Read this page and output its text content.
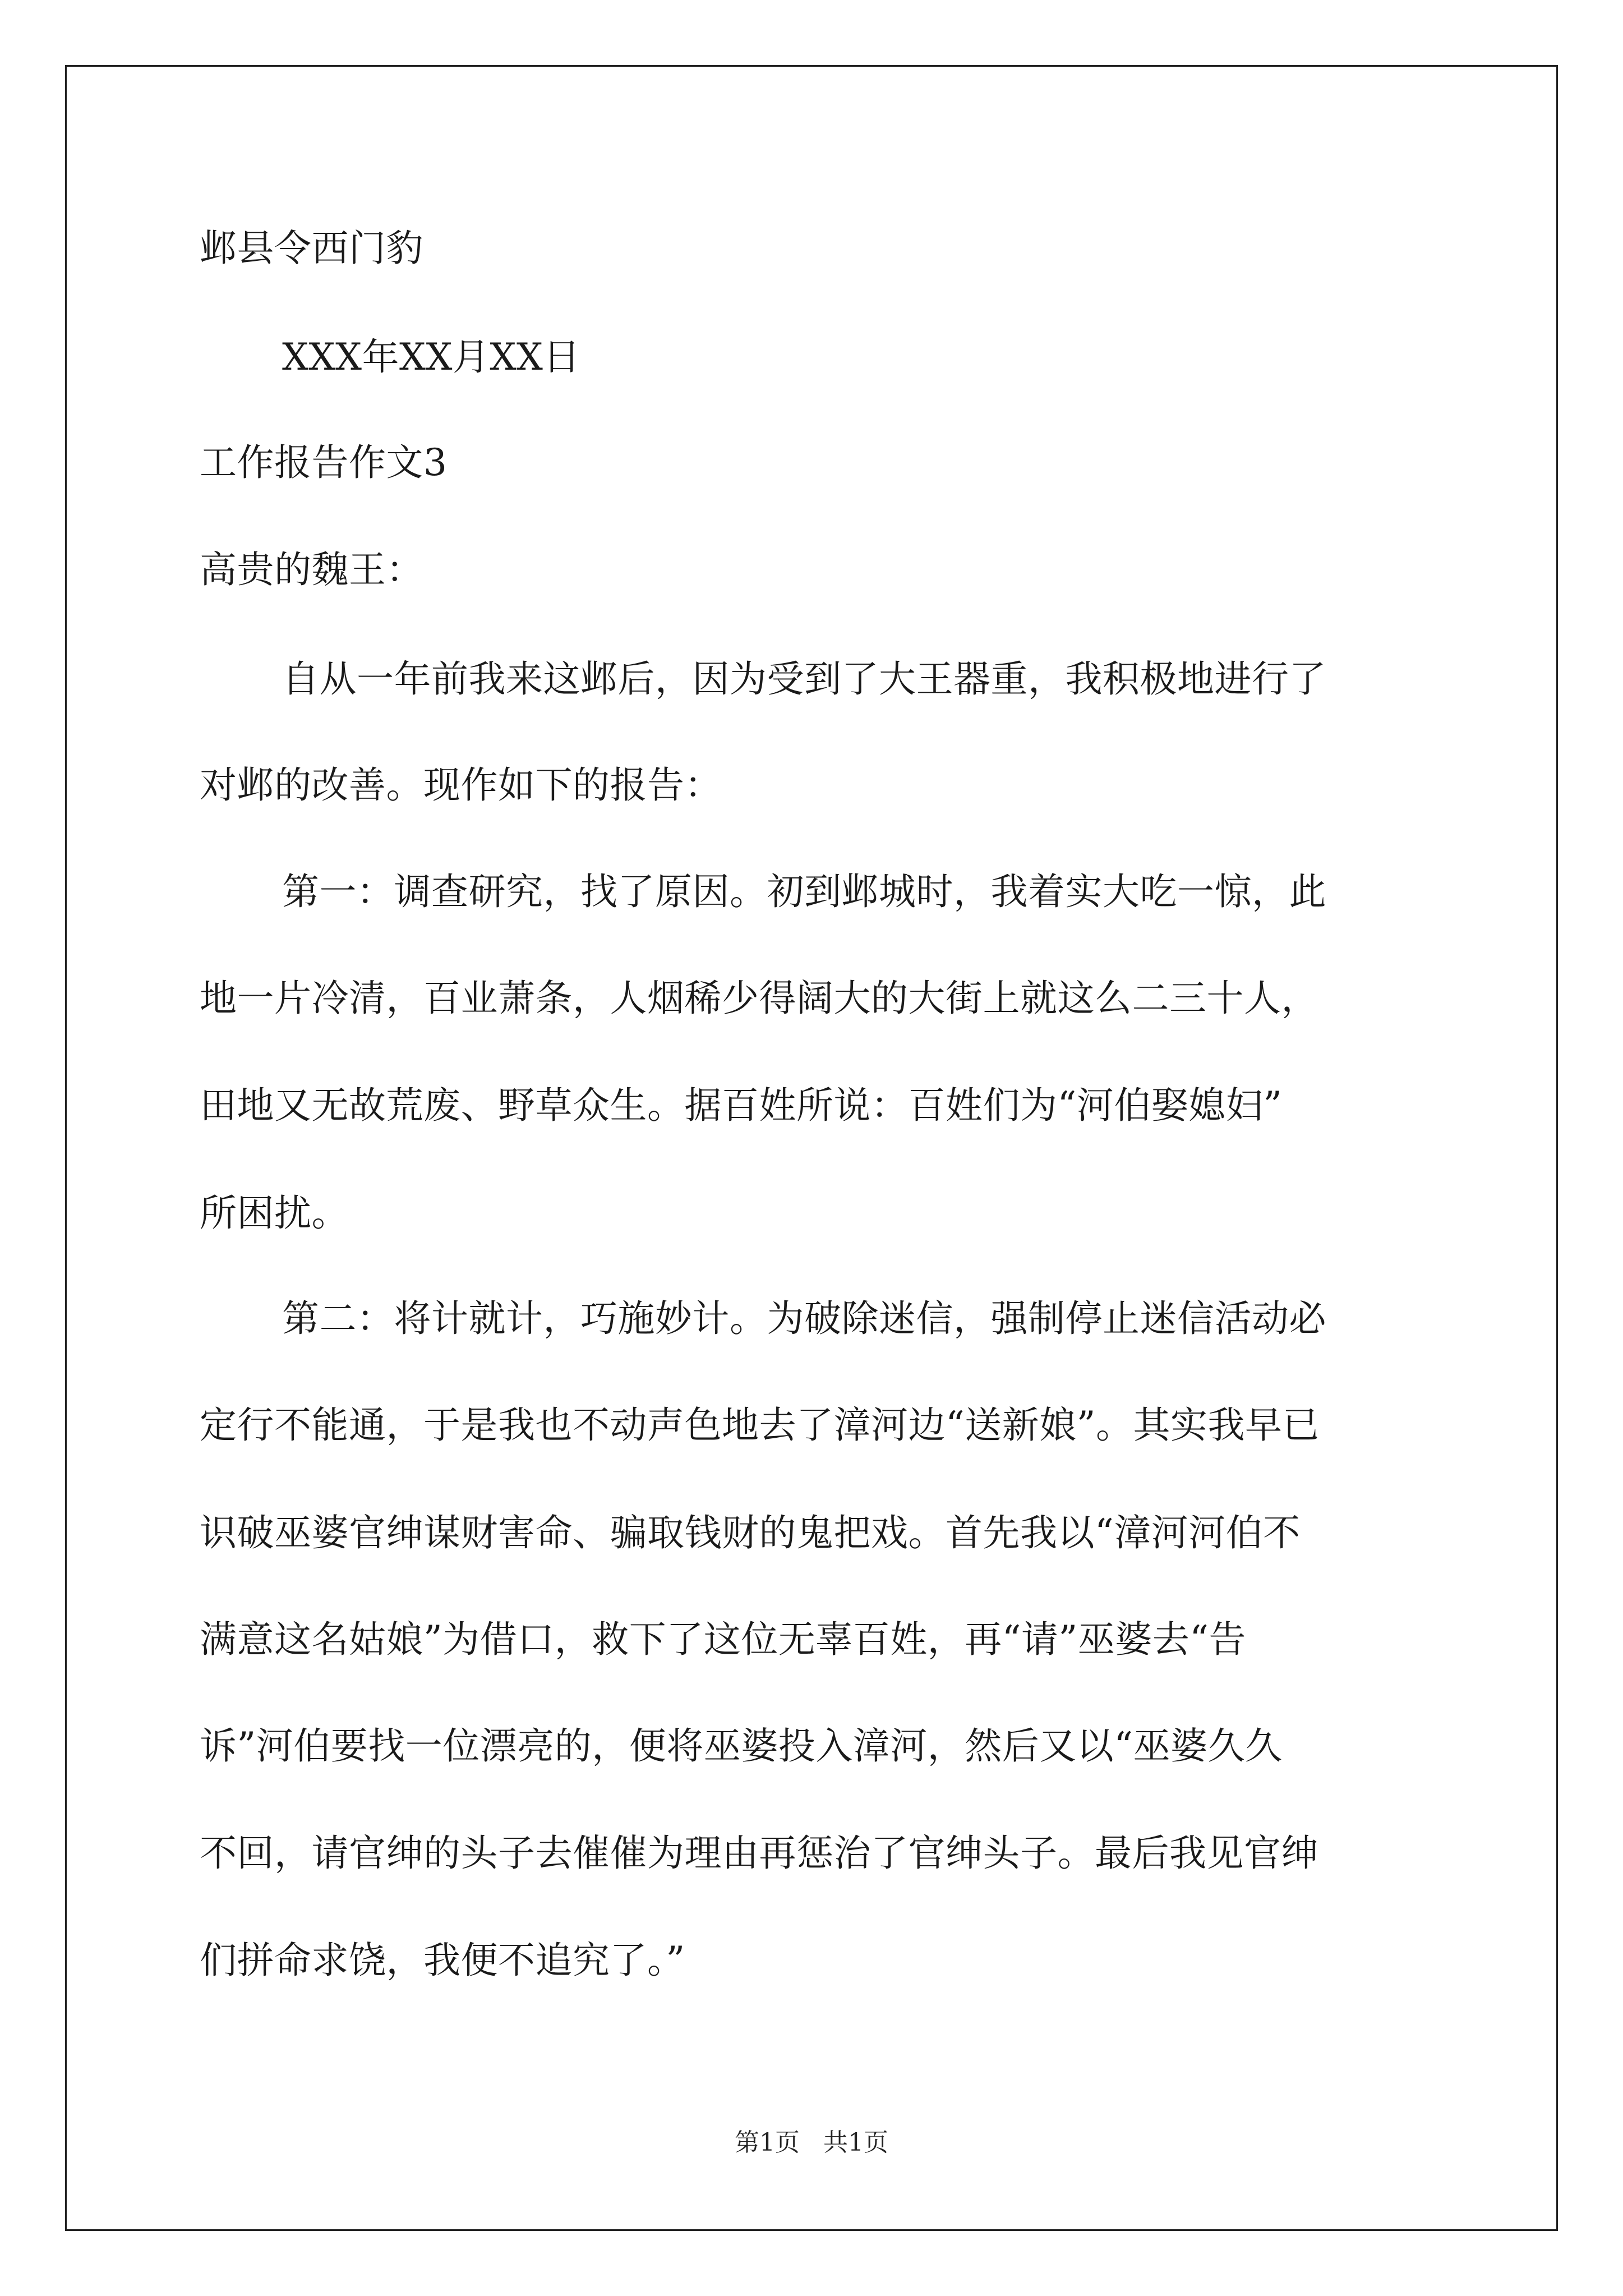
邺县令西门豹
XXX年XX月XX日
工作报告作文3
高贵的魏王：
自从一年前我来这邺后，因为受到了大王器重，我积极地进行了
对邺的改善。现作如下的报告：
第一：调查研究，找了原因。初到邺城时，我着实大吃一惊，此
地一片冷清，百业萧条，人烟稀少得阔大的大街上就这么二三十人，
田地又无故荒废、野草众生。据百姓所说：百姓们为“河伯娶媳妇”
所困扰。
第二：将计就计，巧施妙计。为破除迷信，强制停止迷信活动必
定行不能通，于是我也不动声色地去了漳河边“送新娘”。其实我早已
识破巫婆官绅谋财害命、骗取钱财的鬼把戏。首先我以“漳河河伯不
满意这名姑娘”为借口，救下了这位无辜百姓，再“请”巫婆去“告
诉”河伯要找一位漂亮的，便将巫婆投入漳河，然后又以“巫婆久久
不回，请官绅的头子去催催为理由再惩治了官绅头子。最后我见官绅
们拼命求饶，我便不追究了。”
第1页   共1页
